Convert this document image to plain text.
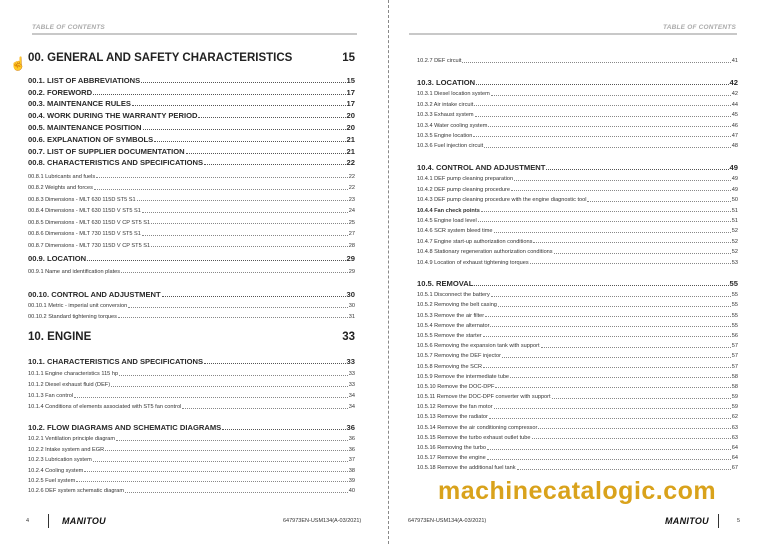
TABLE OF CONTENTS
00. GENERAL AND SAFETY CHARACTERISTICS	15
00.1. LIST OF ABBREVIATIONS	15
00.2. FOREWORD	17
00.3. MAINTENANCE RULES	17
00.4. WORK DURING THE WARRANTY PERIOD	20
00.5. MAINTENANCE POSITION	20
00.6. EXPLANATION OF SYMBOLS	21
00.7. LIST OF SUPPLIER DOCUMENTATION	21
00.8. CHARACTERISTICS AND SPECIFICATIONS	22
00.8.1 Lubricants and fuels	22
00.8.2 Weights and forces	22
00.8.3 Dimensions - MLT 630 115D ST5 S1	23
00.8.4 Dimensions - MLT 630 115D V ST5 S1	24
00.8.5 Dimensions - MLT 630 115D V CP ST5 S1	25
00.8.6 Dimensions - MLT 730 115D V ST5 S1	27
00.8.7 Dimensions - MLT 730 115D V CP ST5 S1	28
00.9. LOCATION	29
00.9.1 Name and identification plates	29
00.10. CONTROL AND ADJUSTMENT	30
00.10.1 Metric - imperial unit conversion	30
00.10.2 Standard tightening torques	31
10. ENGINE	33
10.1. CHARACTERISTICS AND SPECIFICATIONS	33
10.1.1 Engine characteristics 115 hp	33
10.1.2 Diesel exhaust fluid (DEF)	33
10.1.3 Fan control	34
10.1.4 Conditions of elements associated with ST5 fan control	34
10.2. FLOW DIAGRAMS AND SCHEMATIC DIAGRAMS	36
10.2.1 Ventilation principle diagram	36
10.2.2 Intake system and EGR	36
10.2.3 Lubrication system	37
10.2.4 Cooling system	38
10.2.5 Fuel system	39
10.2.6 DEF system schematic diagram	40
4	MANITOU	647973EN-USM134(A-03/2021)
TABLE OF CONTENTS
10.2.7 DEF circuit	41
10.3. LOCATION	42
10.3.1 Diesel location system	42
10.3.2 Air intake circuit	44
10.3.3 Exhaust system	45
10.3.4 Water cooling system	46
10.3.5 Engine location	47
10.3.6 Fuel injection circuit	48
10.4. CONTROL AND ADJUSTMENT	49
10.4.1 DEF pump cleaning preparation	49
10.4.2 DEF pump cleaning procedure	49
10.4.3 DEF pump cleaning procedure with the engine diagnostic tool	50
10.4.4 Fan check points	51
10.4.5 Engine load level	51
10.4.6 SCR system bleed time	52
10.4.7 Engine start-up authorization conditions	52
10.4.8 Stationary regeneration authorization conditions	52
10.4.9 Location of exhaust tightening torques	53
10.5. REMOVAL	55
10.5.1 Disconnect the battery	55
10.5.2 Removing the belt casing	55
10.5.3 Remove the air filter	55
10.5.4 Remove the alternator	55
10.5.5 Remove the starter	56
10.5.6 Removing the expansion tank with support	57
10.5.7 Removing the DEF injector	57
10.5.8 Removing the SCR	57
10.5.9 Remove the intermediate tube	58
10.5.10 Remove the DOC-DPF	58
10.5.11 Remove the DOC-DPF converter with support	59
10.5.12 Remove the fan motor	59
10.5.13 Remove the radiator	62
10.5.14 Remove the air conditioning compressor	63
10.5.15 Remove the turbo exhaust outlet tube	63
10.5.16 Removing the turbo	64
10.5.17 Remove the engine	64
10.5.18 Remove the additional fuel tank	67
647973EN-USM134(A-03/2021)	MANITOU	5
machinecatalogic.com
☝
